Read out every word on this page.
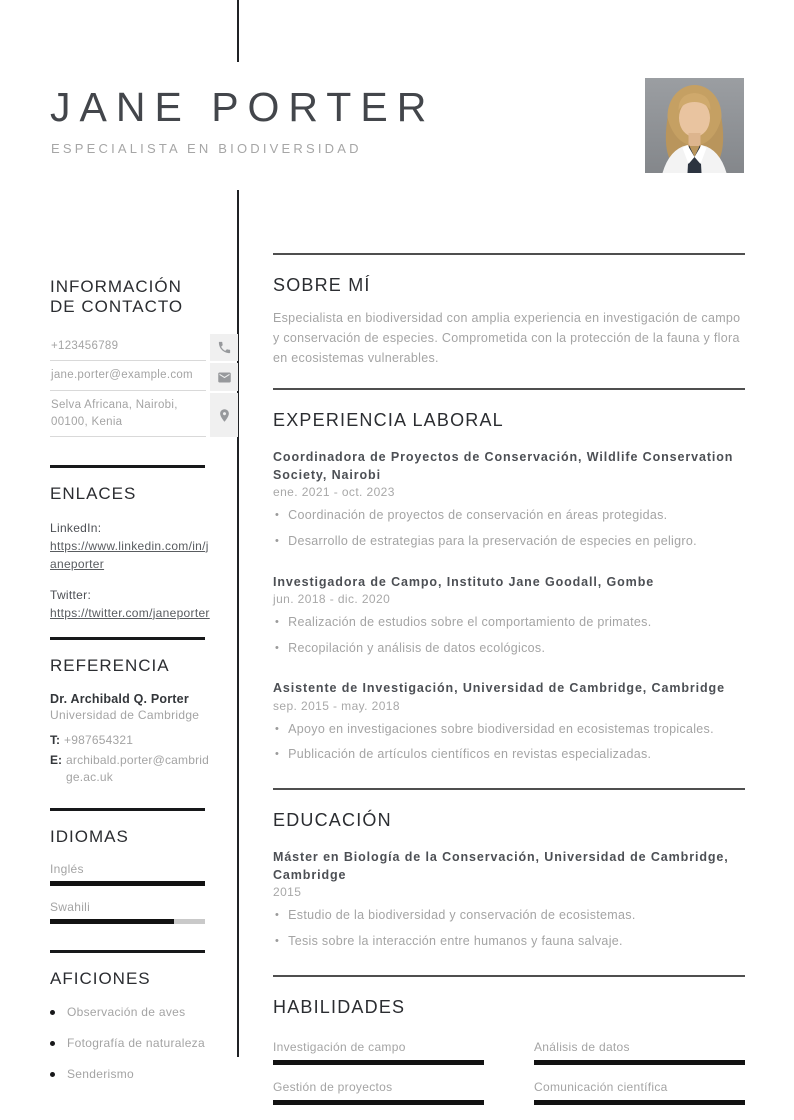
JANE PORTER
ESPECIALISTA EN BIODIVERSIDAD
INFORMACIÓN DE CONTACTO
+123456789
jane.porter@example.com
Selva Africana, Nairobi, 00100, Kenia
ENLACES
LinkedIn:
https://www.linkedin.com/in/janeporter
Twitter:
https://twitter.com/janeporter
REFERENCIA
Dr. Archibald Q. Porter
Universidad de Cambridge
T: +987654321
E: archibald.porter@cambridge.ac.uk
IDIOMAS
Inglés
Swahili
AFICIONES
Observación de aves
Fotografía de naturaleza
Senderismo
SOBRE MÍ
Especialista en biodiversidad con amplia experiencia en investigación de campo y conservación de especies. Comprometida con la protección de la fauna y flora en ecosistemas vulnerables.
EXPERIENCIA LABORAL
Coordinadora de Proyectos de Conservación, Wildlife Conservation Society, Nairobi
ene. 2021 - oct. 2023
• Coordinación de proyectos de conservación en áreas protegidas.
• Desarrollo de estrategias para la preservación de especies en peligro.
Investigadora de Campo, Instituto Jane Goodall, Gombe
jun. 2018 - dic. 2020
• Realización de estudios sobre el comportamiento de primates.
• Recopilación y análisis de datos ecológicos.
Asistente de Investigación, Universidad de Cambridge, Cambridge
sep. 2015 - may. 2018
• Apoyo en investigaciones sobre biodiversidad en ecosistemas tropicales.
• Publicación de artículos científicos en revistas especializadas.
EDUCACIÓN
Máster en Biología de la Conservación, Universidad de Cambridge, Cambridge
2015
• Estudio de la biodiversidad y conservación de ecosistemas.
• Tesis sobre la interacción entre humanos y fauna salvaje.
HABILIDADES
Investigación de campo	Análisis de datos
Gestión de proyectos	Comunicación científica
